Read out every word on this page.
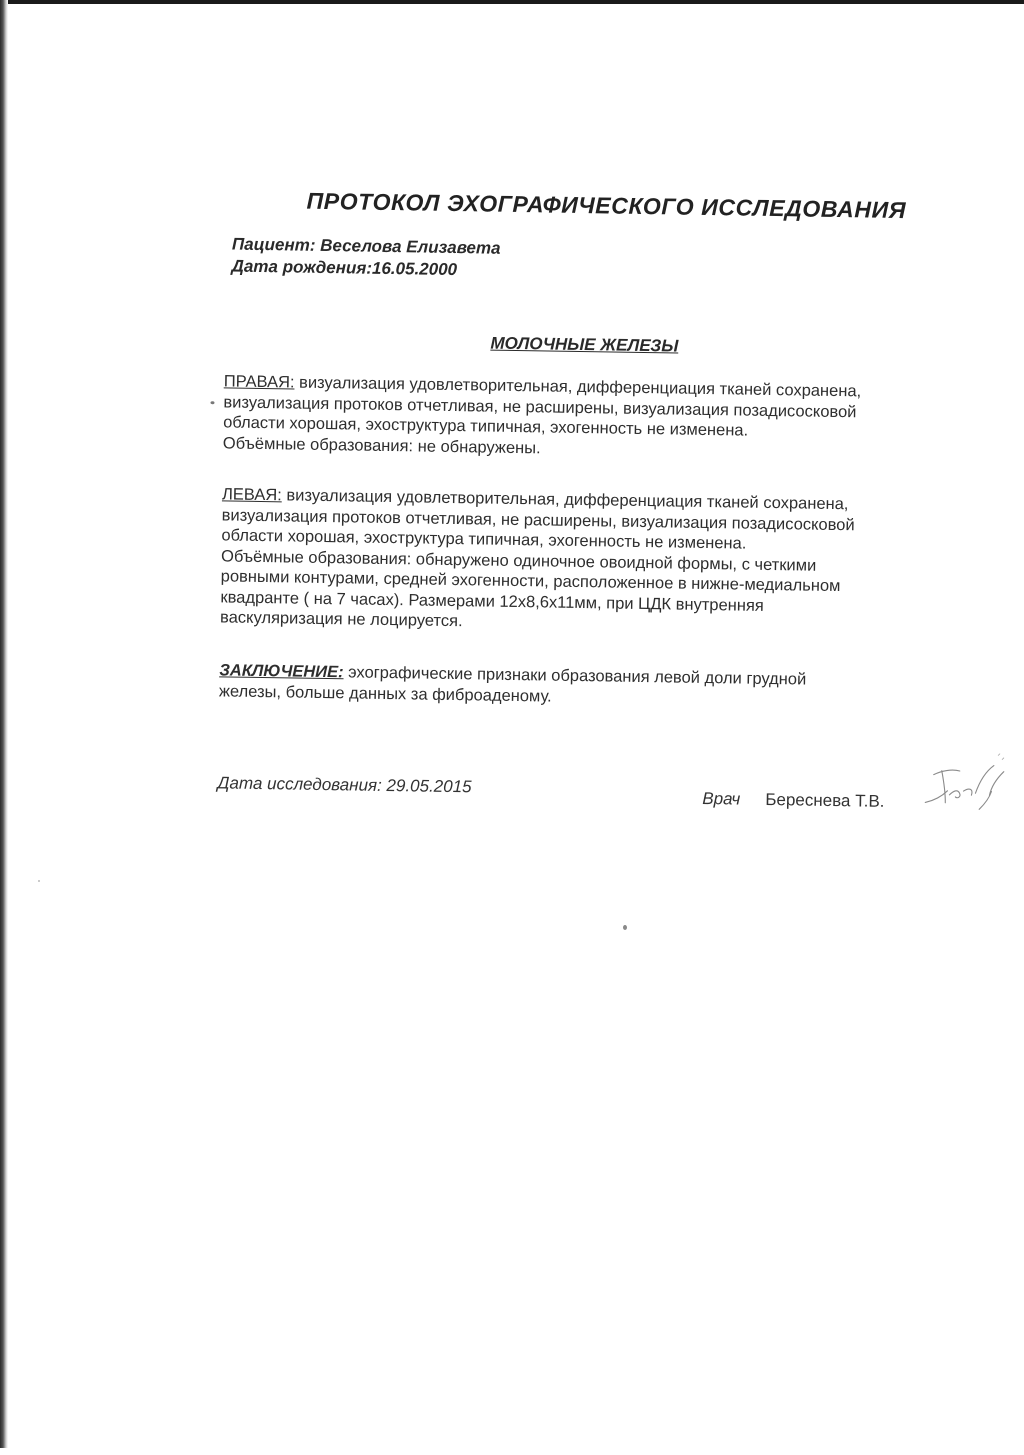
ПРОТОКОЛ ЭХОГРАФИЧЕСКОГО ИССЛЕДОВАНИЯ
Пациент: Веселова Елизавета
Дата рождения:16.05.2000
МОЛОЧНЫЕ ЖЕЛЕЗЫ
ПРАВАЯ: визуализация удовлетворительная, дифференциация тканей сохранена,
визуализация протоков отчетливая, не расширены, визуализация позадисосковой
области хорошая, эхоструктура типичная, эхогенность не изменена.
Объёмные образования: не обнаружены.
ЛЕВАЯ: визуализация удовлетворительная, дифференциация тканей сохранена,
визуализация протоков отчетливая, не расширены, визуализация позадисосковой
области хорошая, эхоструктура типичная, эхогенность не изменена.
Объёмные образования: обнаружено одиночное овоидной формы, с четкими
ровными контурами, средней эхогенности, расположенное в нижне-медиальном
квадранте ( на 7 часах). Размерами 12х8,6х11мм, при ЦДК внутренняя
васкуляризация не лоцируется.
ЗАКЛЮЧЕНИЕ: эхографические признаки образования левой доли грудной
железы, больше данных за фиброаденому.
Дата исследования: 29.05.2015
Врач Береснева Т.В.
